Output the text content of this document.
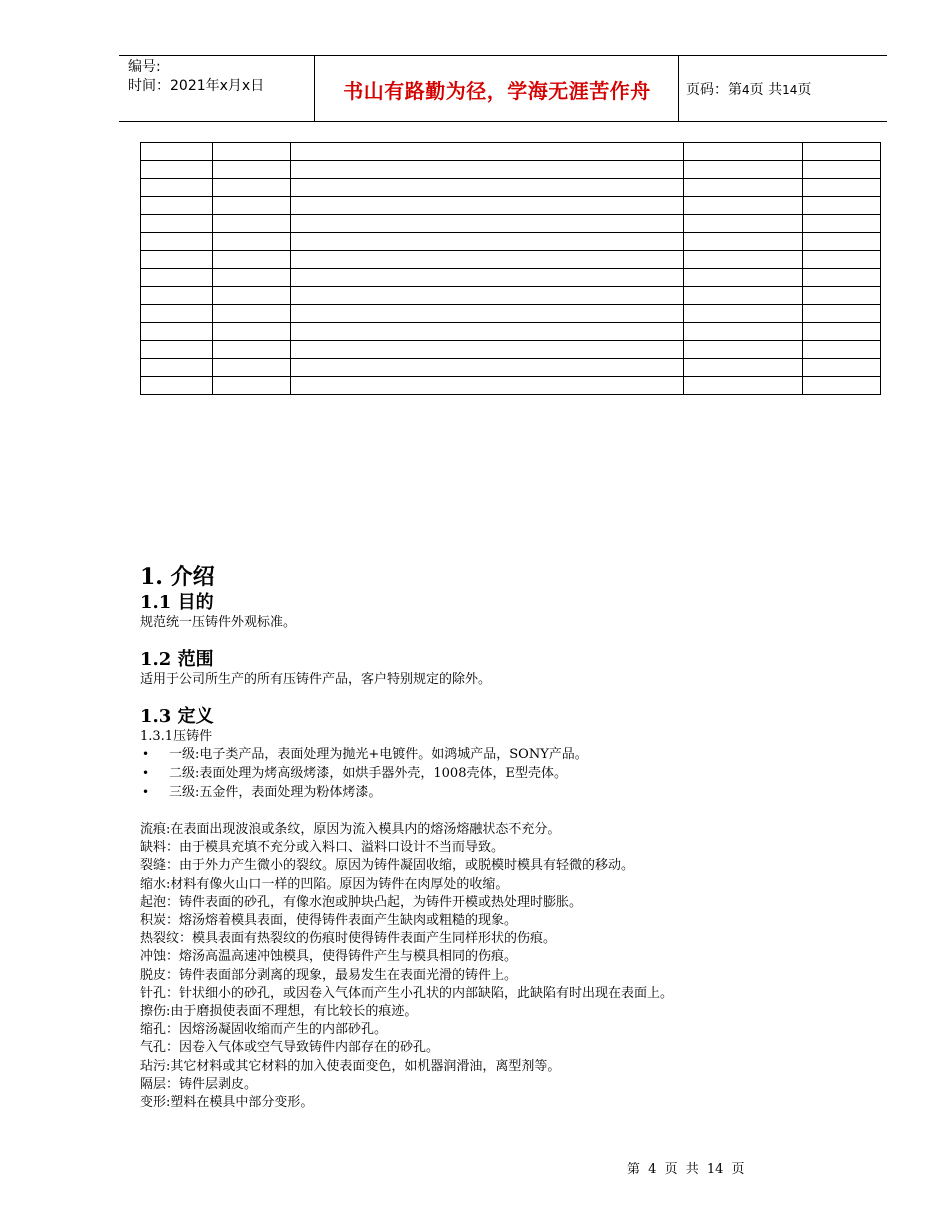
编号:
时间：2021年x月x日	书山有路勤为径，学海无涯苦作舟	页码：第4页 共14页

1. 介绍
1.1 目的
规范统一压铸件外观标准。
1.2 范围
适用于公司所生产的所有压铸件产品，客户特别规定的除外。
1.3 定义
1.3.1压铸件
• 一级:电子类产品，表面处理为抛光+电镀件。如鸿城产品，SONY产品。
• 二级:表面处理为烤高级烤漆，如烘手器外壳，1008壳体，E型壳体。
• 三级:五金件，表面处理为粉体烤漆。
流痕:在表面出现波浪或条纹，原因为流入模具内的熔汤熔融状态不充分。
缺料：由于模具充填不充分或入料口、溢料口设计不当而导致。
裂缝：由于外力产生微小的裂纹。原因为铸件凝固收缩，或脱模时模具有轻微的移动。
缩水:材料有像火山口一样的凹陷。原因为铸件在肉厚处的收缩。
起泡：铸件表面的砂孔，有像水泡或肿块凸起，为铸件开模或热处理时膨胀。
积炭：熔汤熔着模具表面，使得铸件表面产生缺肉或粗糙的现象。
热裂纹：模具表面有热裂纹的伤痕时使得铸件表面产生同样形状的伤痕。
冲蚀：熔汤高温高速冲蚀模具，使得铸件产生与模具相同的伤痕。
脱皮：铸件表面部分剥离的现象，最易发生在表面光滑的铸件上。
针孔：针状细小的砂孔，或因卷入气体而产生小孔状的内部缺陷，此缺陷有时出现在表面上。
擦伤:由于磨损使表面不理想，有比较长的痕迹。
缩孔：因熔汤凝固收缩而产生的内部砂孔。
气孔：因卷入气体或空气导致铸件内部存在的砂孔。
玷污:其它材料或其它材料的加入使表面变色，如机器润滑油，离型剂等。
隔层：铸件层剥皮。
变形:塑料在模具中部分变形。
第 4 页 共 14 页
